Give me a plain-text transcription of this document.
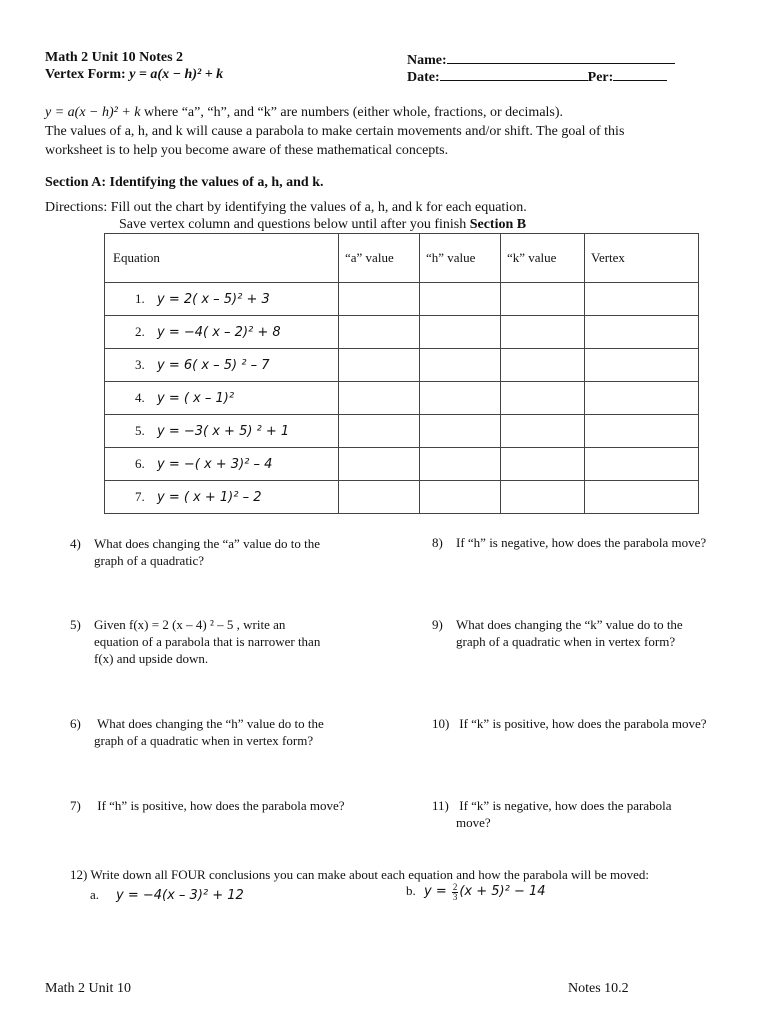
Math 2 Unit 10 Notes 2
Vertex Form: y = a(x − h)² + k
Name:
Date:	Per:
y = a(x − h)² + k where “a”, “h”, and “k” are numbers (either whole, fractions, or decimals).
The values of a, h, and k will cause a parabola to make certain movements and/or shift. The goal of this
worksheet is to help you become aware of these mathematical concepts.
Section A: Identifying the values of a, h, and k.
Directions: Fill out the chart by identifying the values of a, h, and k for each equation.
Save vertex column and questions below until after you finish Section B
Equation	“a” value	“h” value	“k” value	Vertex
1. y = 2( x – 5)² + 3				
2. y = −4( x – 2)² + 8				
3. y = 6( x – 5) ² – 7				
4. y = ( x – 1)²				
5. y = −3( x + 5) ² + 1				
6. y = −( x + 3)² – 4				
7. y = ( x + 1)² – 2				
4) What does changing the “a” value do to the
graph of a quadratic?
5) Given f(x) = 2 (x – 4) ² – 5 , write an
equation of a parabola that is narrower than
f(x) and upside down.
6) What does changing the “h” value do to the
graph of a quadratic when in vertex form?
7) If “h” is positive, how does the parabola move?
8) If “h” is negative, how does the parabola move?
9) What does changing the “k” value do to the
graph of a quadratic when in vertex form?
10) If “k” is positive, how does the parabola move?
11) If “k” is negative, how does the parabola
move?
12) Write down all FOUR conclusions you can make about each equation and how the parabola will be moved:
a. y = −4(x – 3)² + 12	b. $y = \frac{2}{3} (x + 5)^2 - 14$
Math 2 Unit 10	Notes 10.2
